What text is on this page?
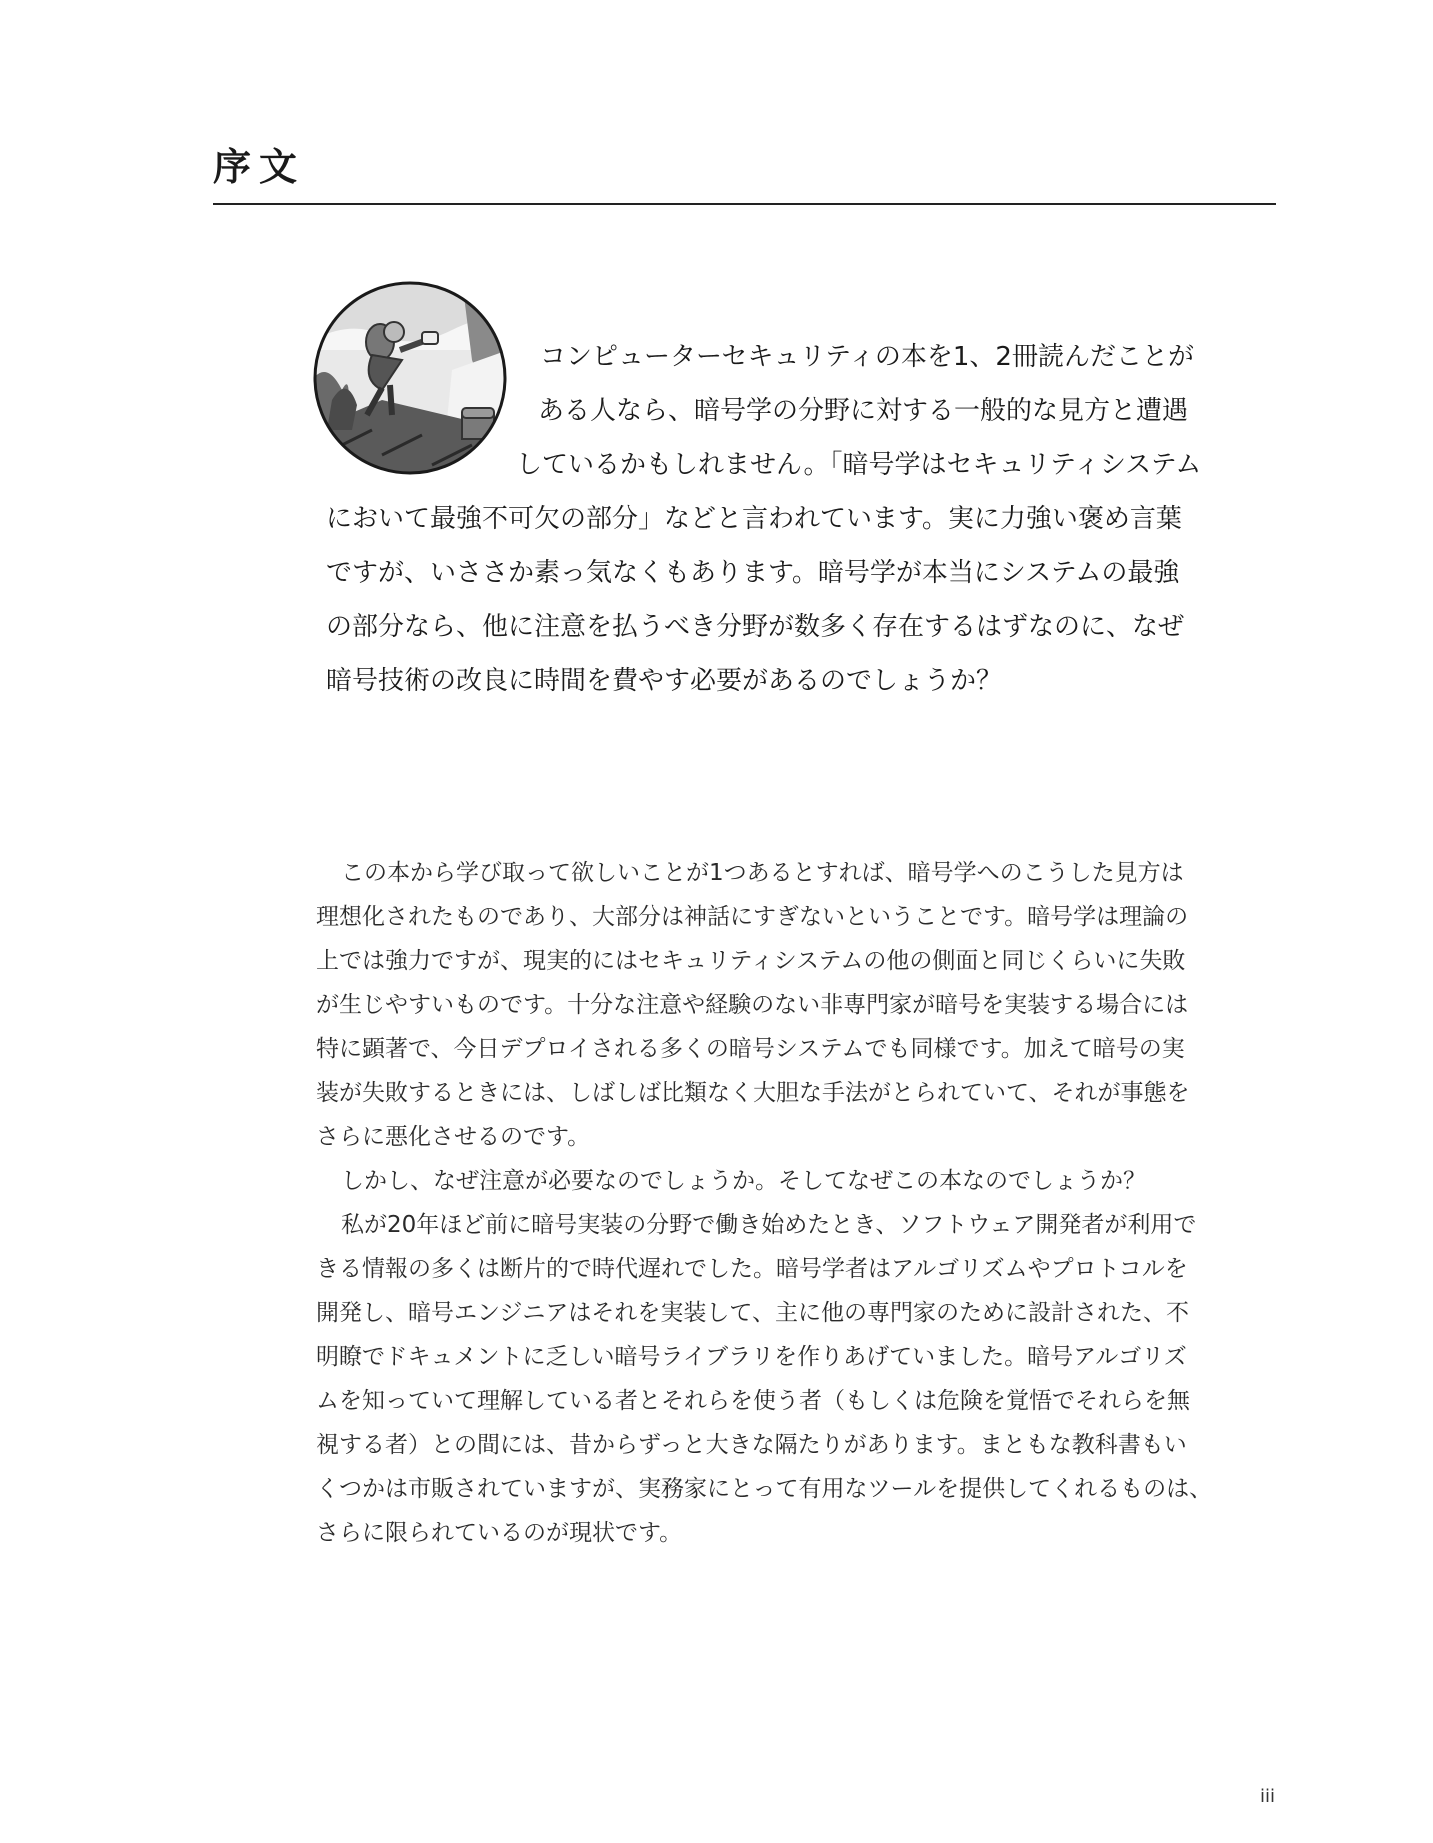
序文
コンピューターセキュリティの本を1、2冊読んだことが
ある人なら、暗号学の分野に対する一般的な見方と遭遇
しているかもしれません。「暗号学はセキュリティシステム
において最強不可欠の部分」などと言われています。実に力強い褒め言葉
ですが、いささか素っ気なくもあります。暗号学が本当にシステムの最強
の部分なら、他に注意を払うべき分野が数多く存在するはずなのに、なぜ
暗号技術の改良に時間を費やす必要があるのでしょうか？
この本から学び取って欲しいことが1つあるとすれば、暗号学へのこうした見方は
理想化されたものであり、大部分は神話にすぎないということです。暗号学は理論の
上では強力ですが、現実的にはセキュリティシステムの他の側面と同じくらいに失敗
が生じやすいものです。十分な注意や経験のない非専門家が暗号を実装する場合には
特に顕著で、今日デプロイされる多くの暗号システムでも同様です。加えて暗号の実
装が失敗するときには、しばしば比類なく大胆な手法がとられていて、それが事態を
さらに悪化させるのです。
しかし、なぜ注意が必要なのでしょうか。そしてなぜこの本なのでしょうか？
私が20年ほど前に暗号実装の分野で働き始めたとき、ソフトウェア開発者が利用で
きる情報の多くは断片的で時代遅れでした。暗号学者はアルゴリズムやプロトコルを
開発し、暗号エンジニアはそれを実装して、主に他の専門家のために設計された、不
明瞭でドキュメントに乏しい暗号ライブラリを作りあげていました。暗号アルゴリズ
ムを知っていて理解している者とそれらを使う者（もしくは危険を覚悟でそれらを無
視する者）との間には、昔からずっと大きな隔たりがあります。まともな教科書もい
くつかは市販されていますが、実務家にとって有用なツールを提供してくれるものは、
さらに限られているのが現状です。
iii
